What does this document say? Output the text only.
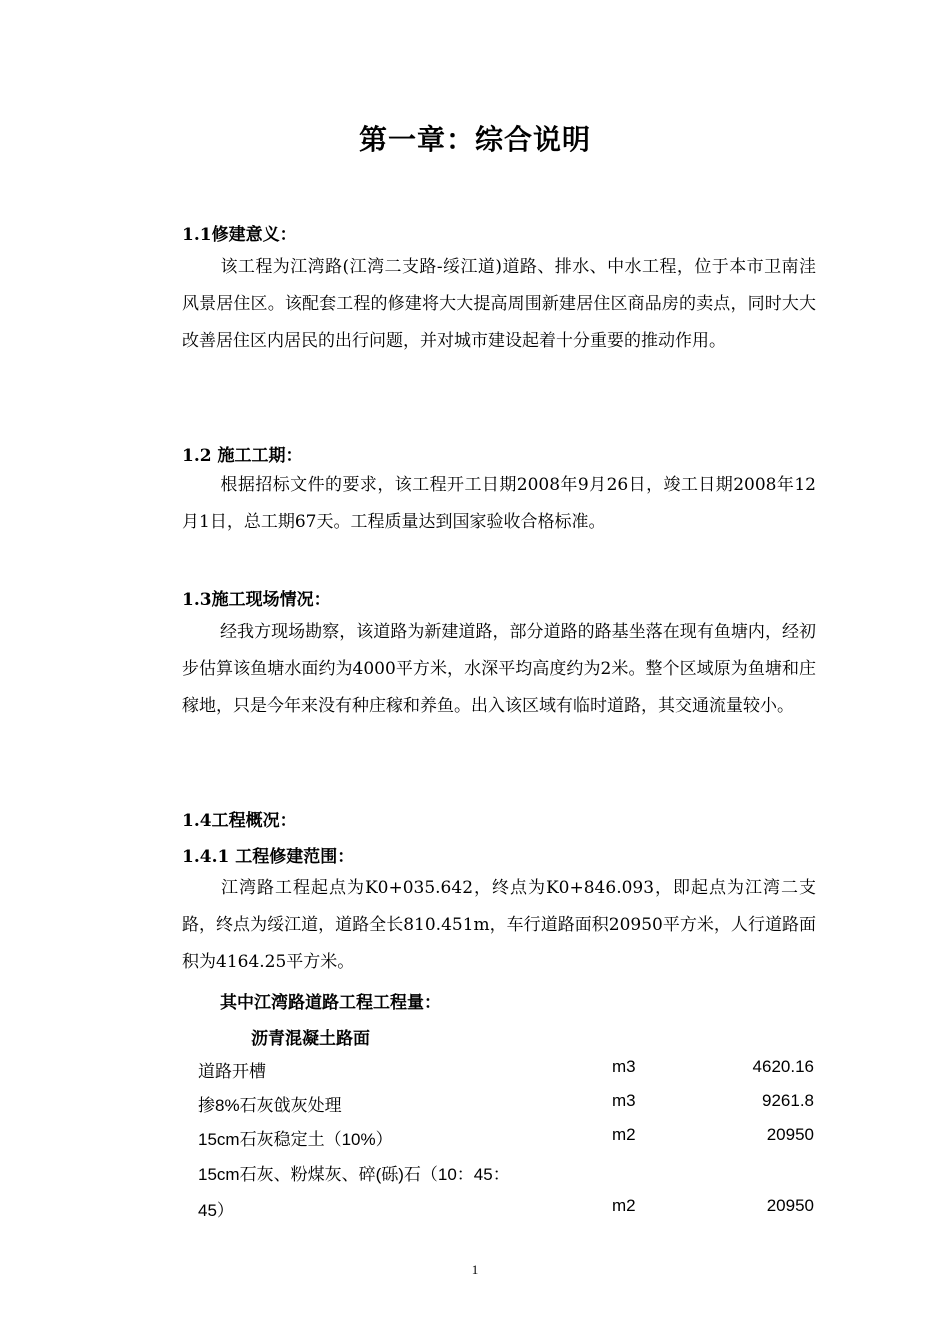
第一章：综合说明
1.1修建意义：
该工程为江湾路(江湾二支路-绥江道)道路、排水、中水工程，位于本市卫南洼风景居住区。该配套工程的修建将大大提高周围新建居住区商品房的卖点，同时大大改善居住区内居民的出行问题，并对城市建设起着十分重要的推动作用。
1.2 施工工期：
根据招标文件的要求，该工程开工日期2008年9月26日，竣工日期2008年12月1日，总工期67天。工程质量达到国家验收合格标准。
1.3施工现场情况：
经我方现场勘察，该道路为新建道路，部分道路的路基坐落在现有鱼塘内，经初步估算该鱼塘水面约为4000平方米，水深平均高度约为2米。整个区域原为鱼塘和庄稼地，只是今年来没有种庄稼和养鱼。出入该区域有临时道路，其交通流量较小。
1.4工程概况：
1.4.1 工程修建范围：
江湾路工程起点为K0+035.642，终点为K0+846.093，即起点为江湾二支路，终点为绥江道，道路全长810.451m，车行道路面积20950平方米，人行道路面积为4164.25平方米。
其中江湾路道路工程工程量：
沥青混凝土路面
道路开槽	m3	4620.16
掺8%石灰戗灰处理	m3	9261.8
15cm石灰稳定土（10%）	m2	20950
15cm石灰、粉煤灰、碎(砾)石（10：45：
45）	m2	20950
1
